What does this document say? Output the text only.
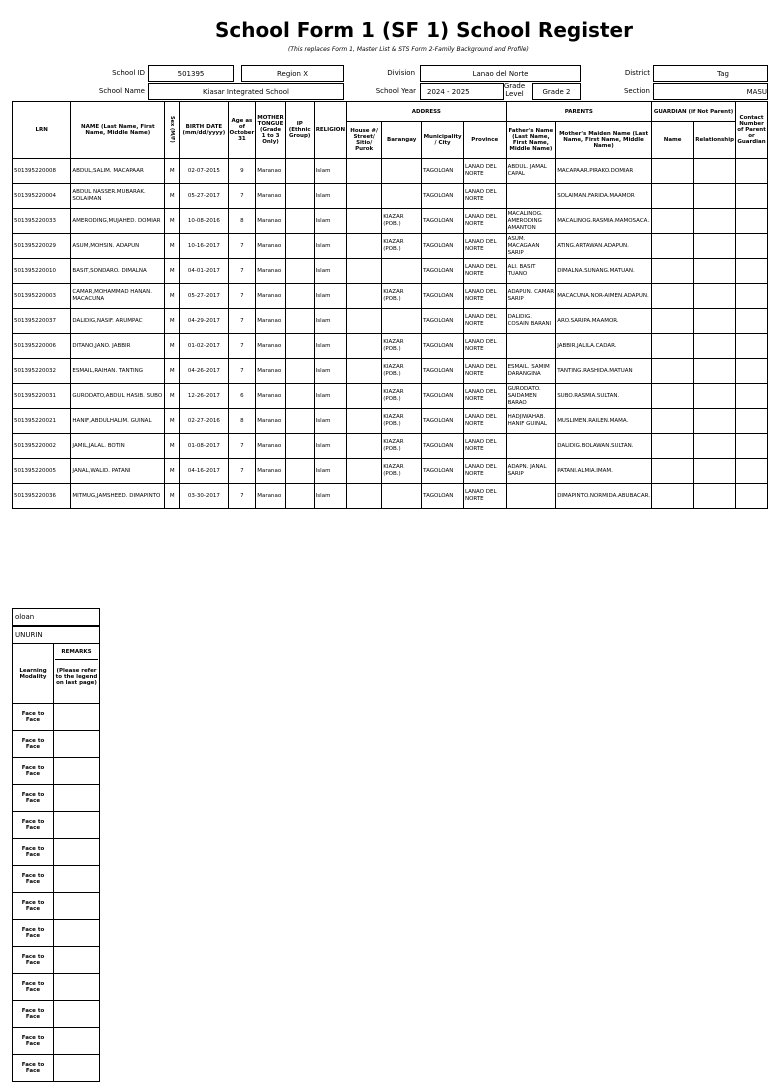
School Form 1 (SF 1) School Register
(This replaces Form 1, Master List & STS Form 2-Family Background and Profile)
School ID	501395	Region X	Division	Lanao del Norte	District	Tag
School Name	Kiasar Integrated School	School Year	2024 - 2025
Grade Level	Grade 2	Section	MASU
LRN	NAME (Last Name, First Name, Middle Name)	Sex (M/F)	BIRTH DATE (mm/dd/yyyy)	Age as of October 31	MOTHER TONGUE (Grade 1 to 3 Only)	IP (Ethnic Group)	RELIGION	ADDRESS				PARENTS		GUARDIAN (if Not Parent)		Contact Number of Parent or Guardian
								House #/ Street/ Sitio/ Purok	Barangay	Municipality / City	Province	Father's Name (Last Name, First Name, Middle Name)	Mother's Maiden Name (Last Name, First Name, Middle Name)	Name	Relationship	
501395220008	ABDUL,SALIM. MACAPAAR	M	02-07-2015	9	Maranao		Islam			TAGOLOAN	LANAO DEL NORTE	ABDUL. JAMAL CAPAL	MACAPAAR.PIRAKO.DOMIAR			
501395220004	ABDUL NASSER.MUBARAK. SOLAIMAN	M	05-27-2017	7	Maranao		Islam			TAGOLOAN	LANAO DEL NORTE		SOLAIMAN.FARIDA.MAAMOR			
501395220033	AMERODING,MUJAHED. DOMIAR	M	10-08-2016	8	Maranao		Islam		KIAZAR (POB.)	TAGOLOAN	LANAO DEL NORTE	MACALINOG. AMERODING AMANTON	MACALINOG.RASMIA.MAMOSACA.			
501395220029	ASUM,MOHSIN. ADAPUN	M	10-16-2017	7	Maranao		Islam		KIAZAR (POB.)	TAGOLOAN	LANAO DEL NORTE	ASUM. MACAGAAN SARIP	ATING.ARTAWAN.ADAPUN.			
501395220010	BASIT,SONDARO. DIMALNA	M	04-01-2017	7	Maranao		Islam			TAGOLOAN	LANAO DEL NORTE	ALI. BASIT TUANO	DIMALNA.SUNANG.MATUAN.			
501395220003	CAMAR,MOHAMMAD HANAN. MACACUNA	M	05-27-2017	7	Maranao		Islam		KIAZAR (POB.)	TAGOLOAN	LANAO DEL NORTE	ADAPUN. CAMAR SARIP	MACACUNA.NOR-AIMEN.ADAPUN.			
501395220037	DALIDIG,NASIF. ARUMPAC	M	04-29-2017	7	Maranao		Islam			TAGOLOAN	LANAO DEL NORTE	DALIDIG. COSAIN BARANI	ARO.SARIPA.MAAMOR.			
501395220006	DITANO,JANO. JABBIR	M	01-02-2017	7	Maranao		Islam		KIAZAR (POB.)	TAGOLOAN	LANAO DEL NORTE		JABBIR.JALILA.CADAR.			
501395220032	ESMAIL,RAIHAN. TANTING	M	04-26-2017	7	Maranao		Islam		KIAZAR (POB.)	TAGOLOAN	LANAO DEL NORTE	ESMAIL. SAMIM DARANGINA	TANTING.RASHIDA.MATUAN			
501395220031	GURODATO,ABDUL HASIB. SUBO	M	12-26-2017	6	Maranao		Islam		KIAZAR (POB.)	TAGOLOAN	LANAO DEL NORTE	GURODATO. SAIDAMEN BARAO	SUBO.RASMIA.SULTAN.			
501395220021	HANIF,ABDULHALIM. GUINAL	M	02-27-2016	8	Maranao		Islam		KIAZAR (POB.)	TAGOLOAN	LANAO DEL NORTE	HADJIWAHAB. HANIF GUINAL	MUSLIMEN.RAILEN.MAMA.			
501395220002	JAMIL,JALAL. BOTIN	M	01-08-2017	7	Maranao		Islam		KIAZAR (POB.)	TAGOLOAN	LANAO DEL NORTE		DALIDIG.BOLAWAN.SULTAN.			
501395220005	JANAL,WALID. PATANI	M	04-16-2017	7	Maranao		Islam		KIAZAR (POB.)	TAGOLOAN	LANAO DEL NORTE	ADAPN. JANAL SARIP	PATANI.ALMIA.IMAM.			
501395220036	MITMUG,JAMSHEED. DIMAPINTO	M	03-30-2017	7	Maranao		Islam			TAGOLOAN	LANAO DEL NORTE		DIMAPINTO.NORMIDA.ABUBACAR.			
oloan
UNURIN
Learning Modality	REMARKS
(Please refer to the legend on last page)

Face to Face	
Face to Face	
Face to Face	
Face to Face	
Face to Face	
Face to Face	
Face to Face	
Face to Face	
Face to Face	
Face to Face	
Face to Face	
Face to Face	
Face to Face	
Face to Face	
